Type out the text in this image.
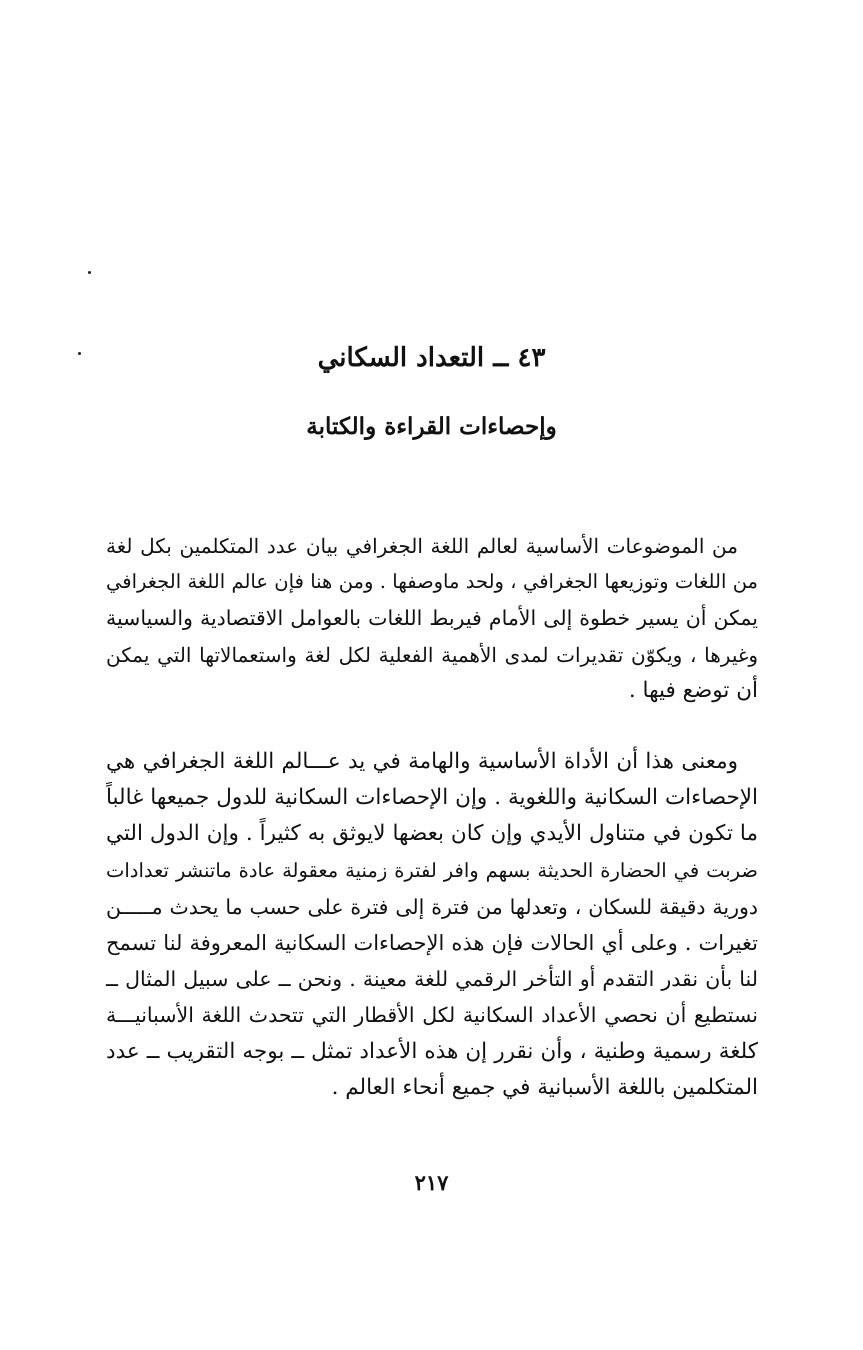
٤٣ ــ التعداد السكاني
وإحصاءات القراءة والكتابة

من الموضوعات الأساسية لعالم اللغة الجغرافي بيان عدد المتكلمين بكل لغة
من اللغات وتوزيعها الجغرافي ، ولحد ماوصفها . ومن هنا فإن عالم اللغة الجغرافي
يمكن أن يسير خطوة إلى الأمام فيربط اللغات بالعوامل الاقتصادية والسياسية
وغيرها ، ويكوّن تقديرات لمدى الأهمية الفعلية لكل لغة واستعمالاتها التي يمكن
أن توضع فيها .

ومعنى هذا أن الأداة الأساسية والهامة في يد عـــالم اللغة الجغرافي هي
الإحصاءات السكانية واللغوية . وإن الإحصاءات السكانية للدول جميعها غالباً
ما تكون في متناول الأيدي وإن كان بعضها لايوثق به كثيراً . وإن الدول التي
ضربت في الحضارة الحديثة بسهم وافر لفترة زمنية معقولة عادة ماتنشر تعدادات
دورية دقيقة للسكان ، وتعدلها من فترة إلى فترة على حسب ما يحدث مـــــن
تغيرات . وعلى أي الحالات فإن هذه الإحصاءات السكانية المعروفة لنا تسمح
لنا بأن نقدر التقدم أو التأخر الرقمي للغة معينة . ونحن ــ على سبيل المثال ــ
نستطيع أن نحصي الأعداد السكانية لكل الأقطار التي تتحدث اللغة الأسبانيـــة
كلغة رسمية وطنية ، وأن نقرر إن هذه الأعداد تمثل ــ بوجه التقريب ــ عدد
المتكلمين باللغة الأسبانية في جميع أنحاء العالم .

٢١٧
